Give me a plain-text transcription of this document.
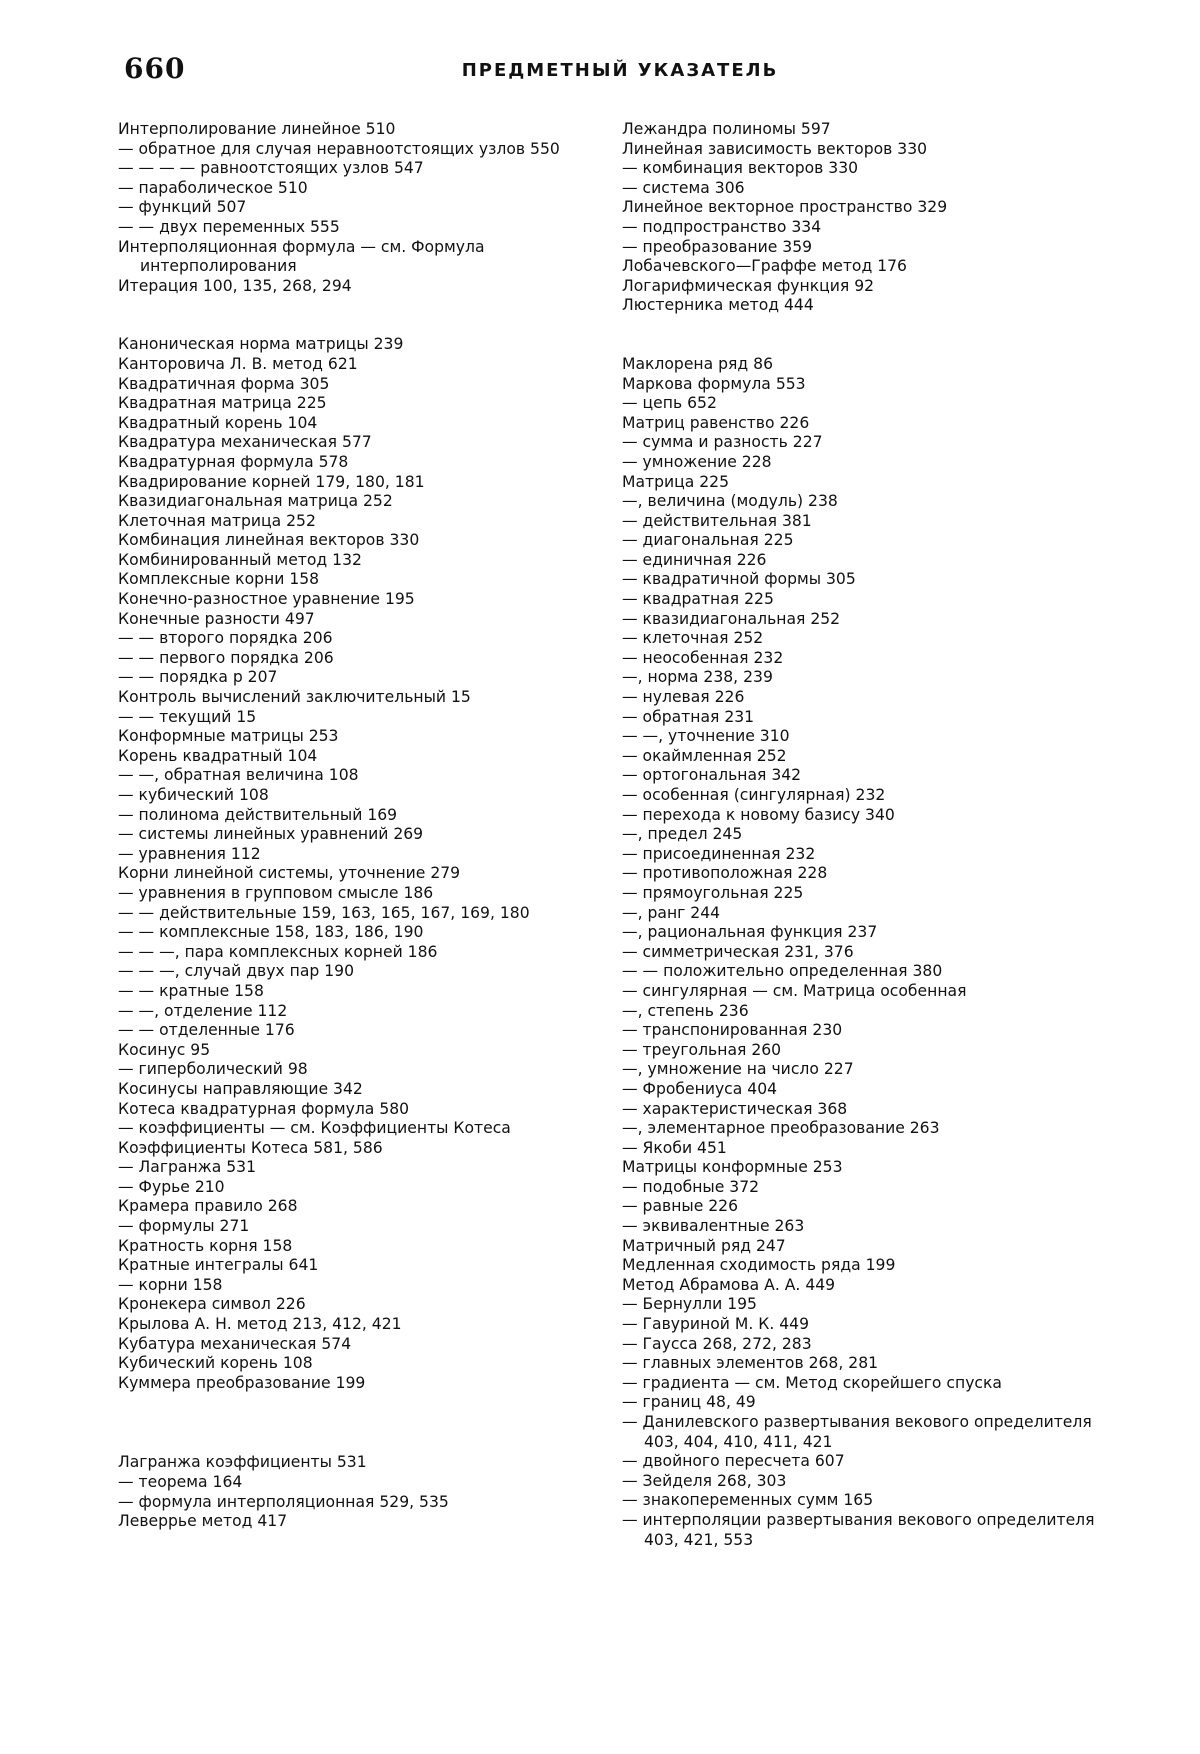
660	ПРЕДМЕТНЫЙ УКАЗАТЕЛЬ
Интерполирование линейное 510
— обратное для случая неравноотстоящих узлов 550
— — — — равноотстоящих узлов 547
— параболическое 510
— функций 507
— — двух переменных 555
Интерполяционная формула — см. Формула интерполирования
Итерация 100, 135, 268, 294
Каноническая норма матрицы 239
Канторовича Л. В. метод 621
Квадратичная форма 305
Квадратная матрица 225
Квадратный корень 104
Квадратура механическая 577
Квадратурная формула 578
Квадрирование корней 179, 180, 181
Квазидиагональная матрица 252
Клеточная матрица 252
Комбинация линейная векторов 330
Комбинированный метод 132
Комплексные корни 158
Конечно-разностное уравнение 195
Конечные разности 497
— — второго порядка 206
— — первого порядка 206
— — порядка p 207
Контроль вычислений заключительный 15
— — текущий 15
Конформные матрицы 253
Корень квадратный 104
— —, обратная величина 108
— кубический 108
— полинома действительный 169
— системы линейных уравнений 269
— уравнения 112
Корни линейной системы, уточнение 279
— уравнения в групповом смысле 186
— — действительные 159, 163, 165, 167, 169, 180
— — комплексные 158, 183, 186, 190
— — —, пара комплексных корней 186
— — —, случай двух пар 190
— — кратные 158
— —, отделение 112
— — отделенные 176
Косинус 95
— гиперболический 98
Косинусы направляющие 342
Котеса квадратурная формула 580
— коэффициенты — см. Коэффициенты Котеса
Коэффициенты Котеса 581, 586
— Лагранжа 531
— Фурье 210
Крамера правило 268
— формулы 271
Кратность корня 158
Кратные интегралы 641
— корни 158
Кронекера символ 226
Крылова А. Н. метод 213, 412, 421
Кубатура механическая 574
Кубический корень 108
Куммера преобразование 199
Лагранжа коэффициенты 531
— теорема 164
— формула интерполяционная 529, 535
Леверрье метод 417
Лежандра полиномы 597
Линейная зависимость векторов 330
— комбинация векторов 330
— система 306
Линейное векторное пространство 329
— подпространство 334
— преобразование 359
Лобачевского—Граффе метод 176
Логарифмическая функция 92
Люстерника метод 444
Маклорена ряд 86
Маркова формула 553
— цепь 652
Матриц равенство 226
— сумма и разность 227
— умножение 228
Матрица 225
—, величина (модуль) 238
— действительная 381
— диагональная 225
— единичная 226
— квадратичной формы 305
— квадратная 225
— квазидиагональная 252
— клеточная 252
— неособенная 232
—, норма 238, 239
— нулевая 226
— обратная 231
— —, уточнение 310
— окаймленная 252
— ортогональная 342
— особенная (сингулярная) 232
— перехода к новому базису 340
—, предел 245
— присоединенная 232
— противоположная 228
— прямоугольная 225
—, ранг 244
—, рациональная функция 237
— симметрическая 231, 376
— — положительно определенная 380
— сингулярная — см. Матрица особенная
—, степень 236
— транспонированная 230
— треугольная 260
—, умножение на число 227
— Фробениуса 404
— характеристическая 368
—, элементарное преобразование 263
— Якоби 451
Матрицы конформные 253
— подобные 372
— равные 226
— эквивалентные 263
Матричный ряд 247
Медленная сходимость ряда 199
Метод Абрамова А. А. 449
— Бернулли 195
— Гавуриной М. К. 449
— Гаусса 268, 272, 283
— главных элементов 268, 281
— градиента — см. Метод скорейшего спуска
— границ 48, 49
— Данилевского развертывания векового определителя 403, 404, 410, 411, 421
— двойного пересчета 607
— Зейделя 268, 303
— знакопеременных сумм 165
— интерполяции развертывания векового определителя 403, 421, 553
